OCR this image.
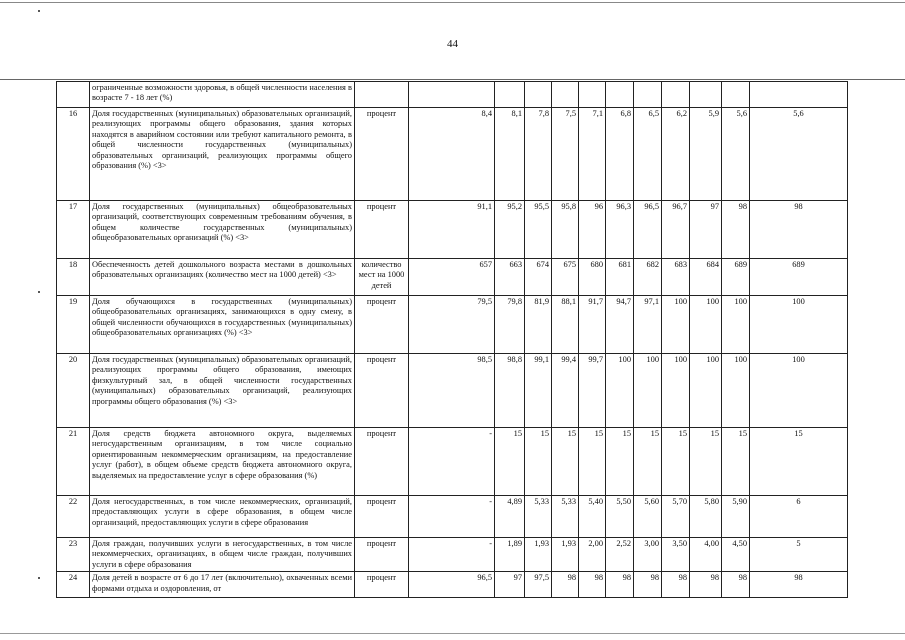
44
	ограниченные возможности здоровья, в общей численности населения в возрасте 7 - 18 лет (%)												
16	Доля государственных (муниципальных) образовательных организаций, реализующих программы общего образования, здания которых находятся в аварийном состоянии или требуют капитального ремонта, в общей численности государственных (муниципальных) образовательных организаций, реализующих программы общего образования (%) <3>	процент	8,4	8,1	7,8	7,5	7,1	6,8	6,5	6,2	5,9	5,6	5,6
17	Доля государственных (муниципальных) общеобразовательных организаций, соответствующих современным требованиям обучения, в общем количестве государственных (муниципальных) общеобразовательных организаций (%) <3>	процент	91,1	95,2	95,5	95,8	96	96,3	96,5	96,7	97	98	98
18	Обеспеченность детей дошкольного возраста местами в дошкольных образовательных организациях (количество мест на 1000 детей) <3>	количество мест на 1000 детей	657	663	674	675	680	681	682	683	684	689	689
19	Доля обучающихся в государственных (муниципальных) общеобразовательных организациях, занимающихся в одну смену, в общей численности обучающихся в государственных (муниципальных) общеобразовательных организациях (%) <3>	процент	79,5	79,8	81,9	88,1	91,7	94,7	97,1	100	100	100	100
20	Доля государственных (муниципальных) образовательных организаций, реализующих программы общего образования, имеющих физкультурный зал, в общей численности государственных (муниципальных) образовательных организаций, реализующих программы общего образования (%) <3>	процент	98,5	98,8	99,1	99,4	99,7	100	100	100	100	100	100
21	Доля средств бюджета автономного округа, выделяемых негосударственным организациям, в том числе социально ориентированным некоммерческим организациям, на предоставление услуг (работ), в общем объеме средств бюджета автономного округа, выделяемых на предоставление услуг в сфере образования (%)	процент	-	15	15	15	15	15	15	15	15	15	15
22	Доля негосударственных, в том числе некоммерческих, организаций, предоставляющих услуги в сфере образования, в общем числе организаций, предоставляющих услуги в сфере образования	процент	-	4,89	5,33	5,33	5,40	5,50	5,60	5,70	5,80	5,90	6
23	Доля граждан, получивших услуги в негосударственных, в том числе некоммерческих, организациях, в общем числе граждан, получивших услуги в сфере образования	процент	-	1,89	1,93	1,93	2,00	2,52	3,00	3,50	4,00	4,50	5
24	Доля детей в возрасте от 6 до 17 лет (включительно), охваченных всеми формами отдыха и оздоровления, от	процент	96,5	97	97,5	98	98	98	98	98	98	98	98
